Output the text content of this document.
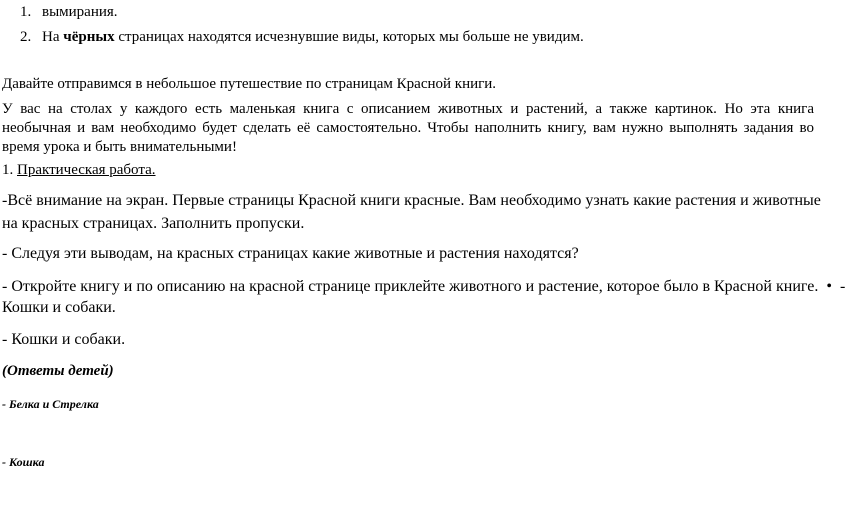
1. вымирания.
2. На чёрных страницах находятся исчезнувшие виды, которых мы больше не увидим.
Давайте отправимся в небольшое путешествие по страницам Красной книги.
У вас на столах у каждого есть маленькая книга с описанием животных и растений, а также картинок. Но эта книга
необычная и вам необходимо будет сделать её самостоятельно. Чтобы наполнить книгу, вам нужно выполнять задания во
время урока и быть внимательными!
1. Практическая работа.
-Всё внимание на экран. Первые страницы Красной книги красные. Вам необходимо узнать какие растения и животные
на красных страницах. Заполнить пропуски.
- Следуя эти выводам, на красных страницах какие животные и растения находятся?
- Откройте книгу и по описанию на красной странице приклейте животного и растение, которое было в Красной книге. • -
Кошки и собаки.
- Кошки и собаки.
(Ответы детей)
- Белка и Стрелка
- Кошка
